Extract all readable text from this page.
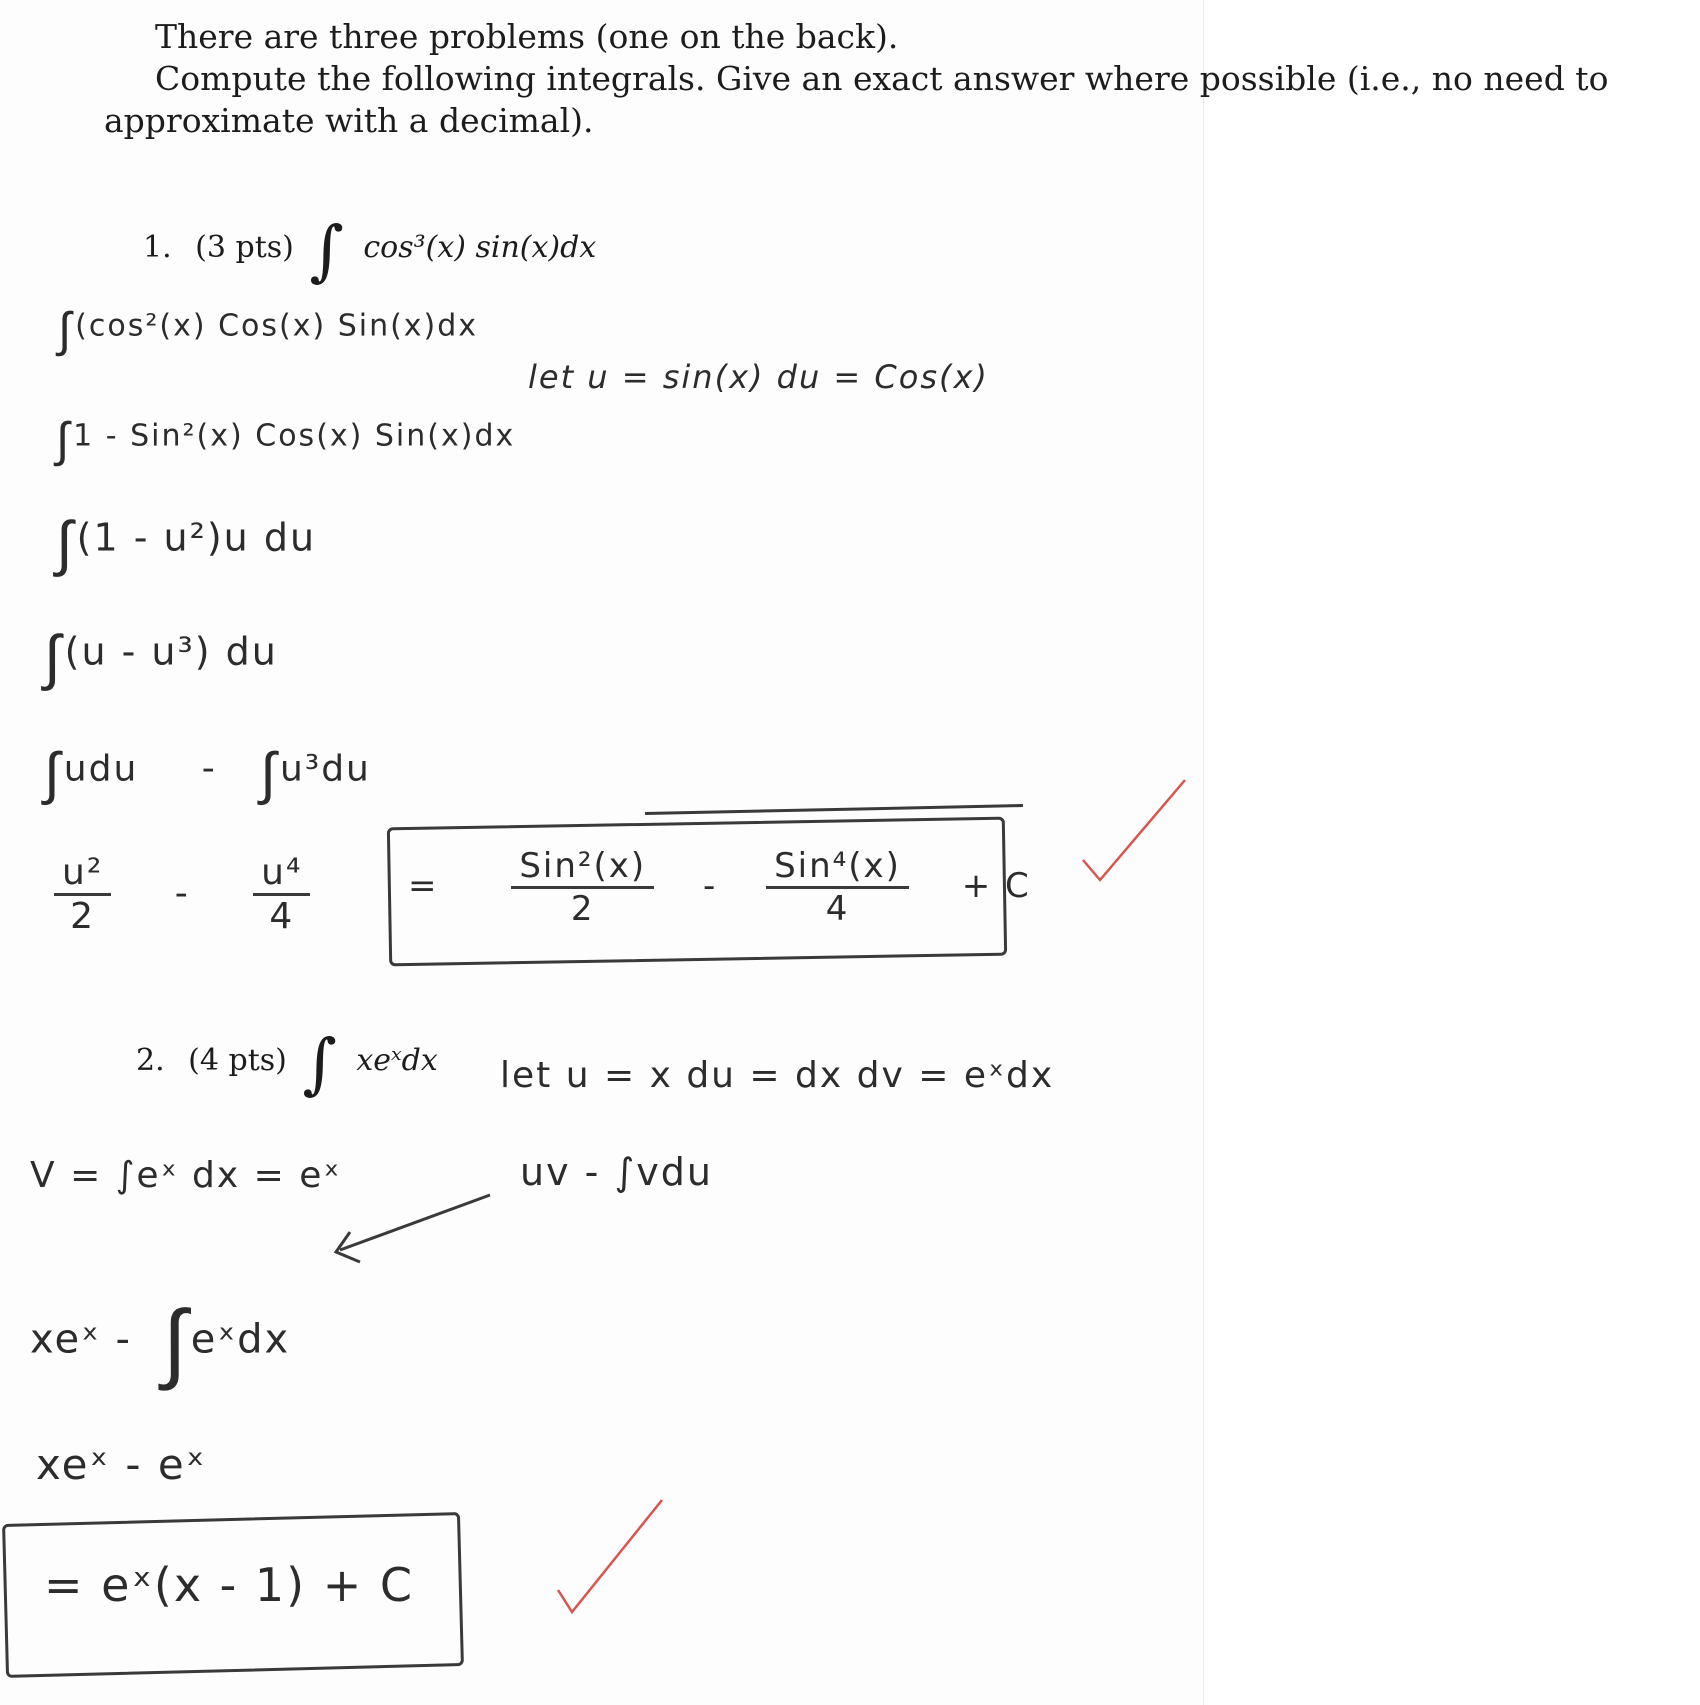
There are three problems (one on the back).
Compute the following integrals. Give an exact answer where possible (i.e., no need to
approximate with a decimal).
1. (3 pts) ∫ cos³(x) sin(x)dx
∫(cos²(x) Cos(x) Sin(x)dx
∫1 - Sin²(x) Cos(x) Sin(x)dx
∫(1 - u²)u du
∫(u - u³) du
∫udu - ∫u³du
$\frac{\text{u²}}{2} - \frac{\text{u⁴}}{4}$
let u = sin(x) du = Cos(x)
= $\frac{\text{Sin²(x)}}{2} - \frac{\text{Sin⁴(x)}}{4} + C$
2. (4 pts) ∫ xeˣdx let u = x du = dx dv = eˣdx
V = ∫eˣ dx = eˣ	uv - ∫vdu
xeˣ - ∫eˣdx
xeˣ - eˣ
= eˣ(x - 1) + C
